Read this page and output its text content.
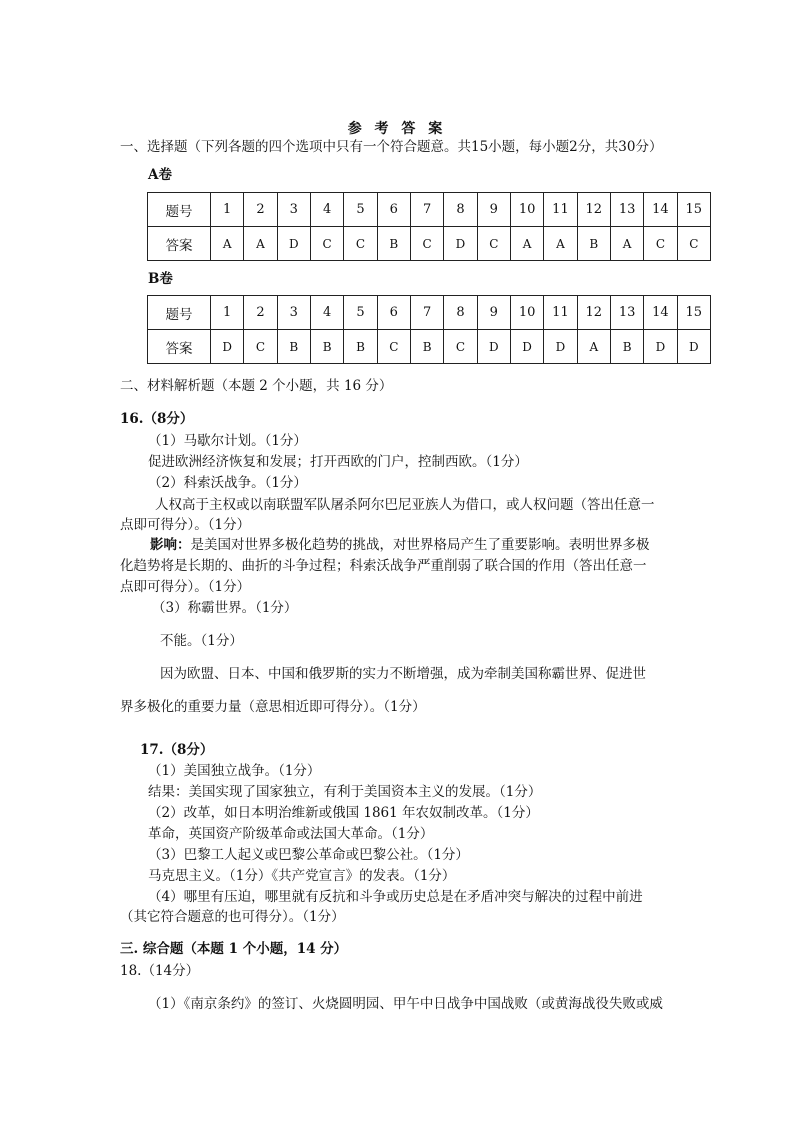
参 考 答 案
一、选择题（下列各题的四个选项中只有一个符合题意。共15小题，每小题2分，共30分）
A卷
题号	1	2	3	4	5	6	7	8	9	10	11	12	13	14	15
答案	A	A	D	C	C	B	C	D	C	A	A	B	A	C	C
B卷
题号	1	2	3	4	5	6	7	8	9	10	11	12	13	14	15
答案	D	C	B	B	B	C	B	C	D	D	D	A	B	D	D
二、材料解析题（本题 2 个小题，共 16 分）
16.（8分）
（1）马歇尔计划。（1分）
促进欧洲经济恢复和发展；打开西欧的门户，控制西欧。（1分）
（2）科索沃战争。（1分）
人权高于主权或以南联盟军队屠杀阿尔巴尼亚族人为借口，或人权问题（答出任意一
点即可得分）。（1分）
影响：是美国对世界多极化趋势的挑战，对世界格局产生了重要影响。表明世界多极
化趋势将是长期的、曲折的斗争过程；科索沃战争严重削弱了联合国的作用（答出任意一
点即可得分）。（1分）
（3）称霸世界。（1分）
不能。（1分）
因为欧盟、日本、中国和俄罗斯的实力不断增强，成为牵制美国称霸世界、促进世
界多极化的重要力量（意思相近即可得分）。（1分）
17.（8分）
（1）美国独立战争。（1分）
结果：美国实现了国家独立，有利于美国资本主义的发展。（1分）
（2）改革，如日本明治维新或俄国 1861 年农奴制改革。（1分）
革命，英国资产阶级革命或法国大革命。（1分）
（3）巴黎工人起义或巴黎公革命或巴黎公社。（1分）
马克思主义。（1分）《共产党宣言》的发表。（1分）
（4）哪里有压迫，哪里就有反抗和斗争或历史总是在矛盾冲突与解决的过程中前进
（其它符合题意的也可得分）。（1分）
三. 综合题（本题 1 个小题，14 分）
18.（14分）
（1）《南京条约》的签订、火烧圆明园、甲午中日战争中国战败（或黄海战役失败或威
